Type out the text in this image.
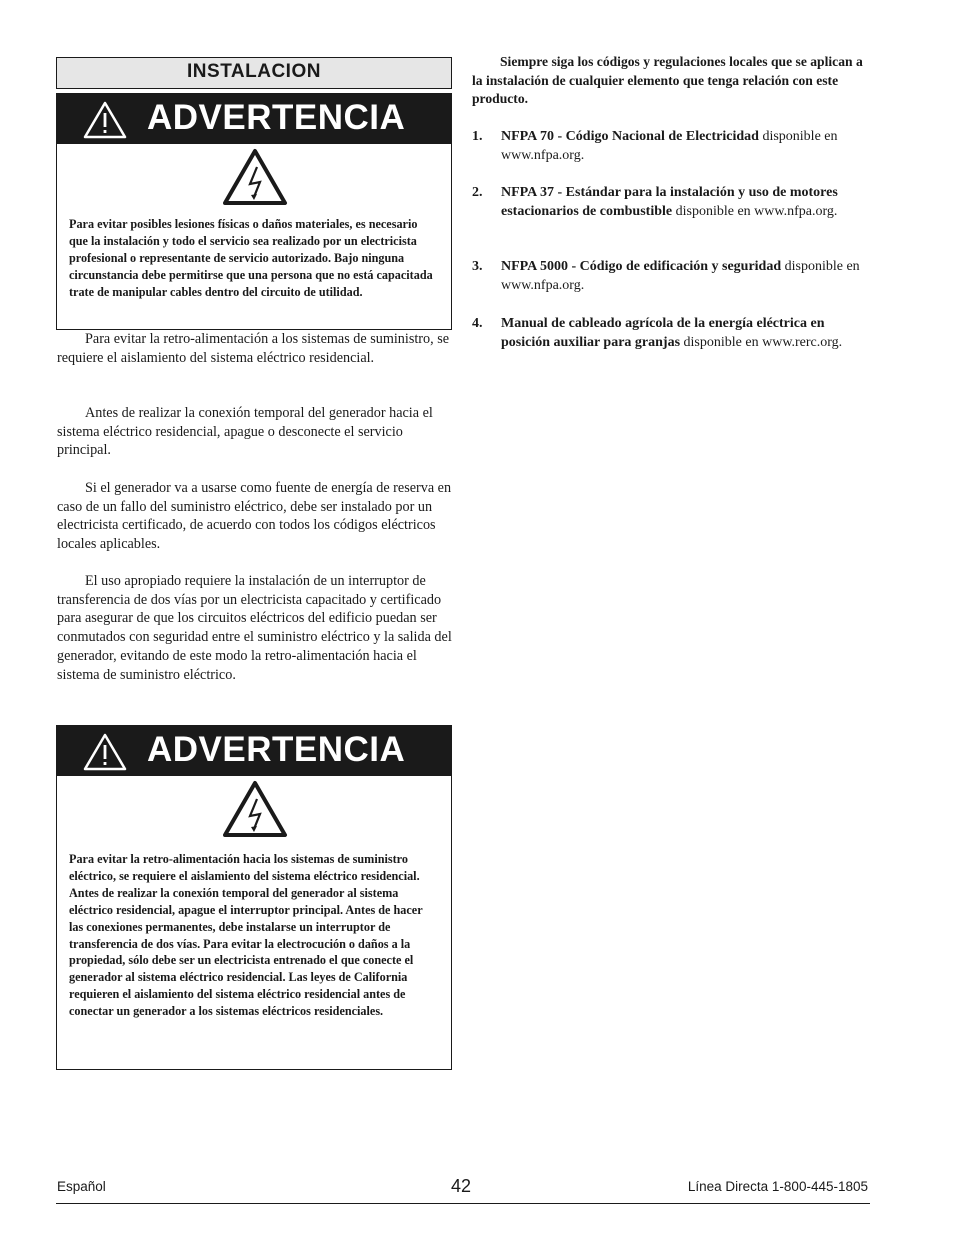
INSTALACION
ADVERTENCIA
Para evitar posibles lesiones físicas o daños materiales, es necesario que la instalación y todo el servicio sea realizado por un electricista profesional o representante de servicio autorizado. Bajo ninguna circunstancia debe permitirse que una persona que no está capacitada trate de manipular cables dentro del circuito de utilidad.
Para evitar la retro-alimentación a los sistemas de suministro, se requiere el aislamiento del sistema eléctrico residencial.
Antes de realizar la conexión temporal del generador hacia el sistema eléctrico residencial, apague o desconecte el servicio principal.
Si el generador va a usarse como fuente de energía de reserva en caso de un fallo del suministro eléctrico, debe ser instalado por un electricista certificado, de acuerdo con todos los códigos eléctricos locales aplicables.
El uso apropiado requiere la instalación de un interruptor de transferencia de dos vías por un electricista capacitado y certificado para asegurar de que los circuitos eléctricos del edificio puedan ser conmutados con seguridad entre el suministro eléctrico y la salida del generador, evitando de este modo la retro-alimentación hacia el sistema de suministro eléctrico.
ADVERTENCIA
Para evitar la retro-alimentación hacia los sistemas de suministro eléctrico, se requiere el aislamiento del sistema eléctrico residencial. Antes de realizar la conexión temporal del generador al sistema eléctrico residencial, apague el interruptor principal. Antes de hacer las conexiones permanentes, debe instalarse un interruptor de transferencia de dos vías. Para evitar la electrocución o daños a la propiedad, sólo debe ser un electricista entrenado el que conecte el generador al sistema eléctrico residencial. Las leyes de California requieren el aislamiento del sistema eléctrico residencial antes de conectar un generador a los sistemas eléctricos residenciales.
Siempre siga los códigos y regulaciones locales que se aplican a la instalación de cualquier elemento que tenga relación con este producto.
1. NFPA 70 - Código Nacional de Electricidad disponible en www.nfpa.org.
2. NFPA 37 - Estándar para la instalación y uso de motores estacionarios de combustible disponible en www.nfpa.org.
3. NFPA 5000 - Código de edificación y seguridad disponible en www.nfpa.org.
4. Manual de cableado agrícola de la energía eléctrica en posición auxiliar para granjas disponible en www.rerc.org.
Español	42	Línea Directa 1-800-445-1805
